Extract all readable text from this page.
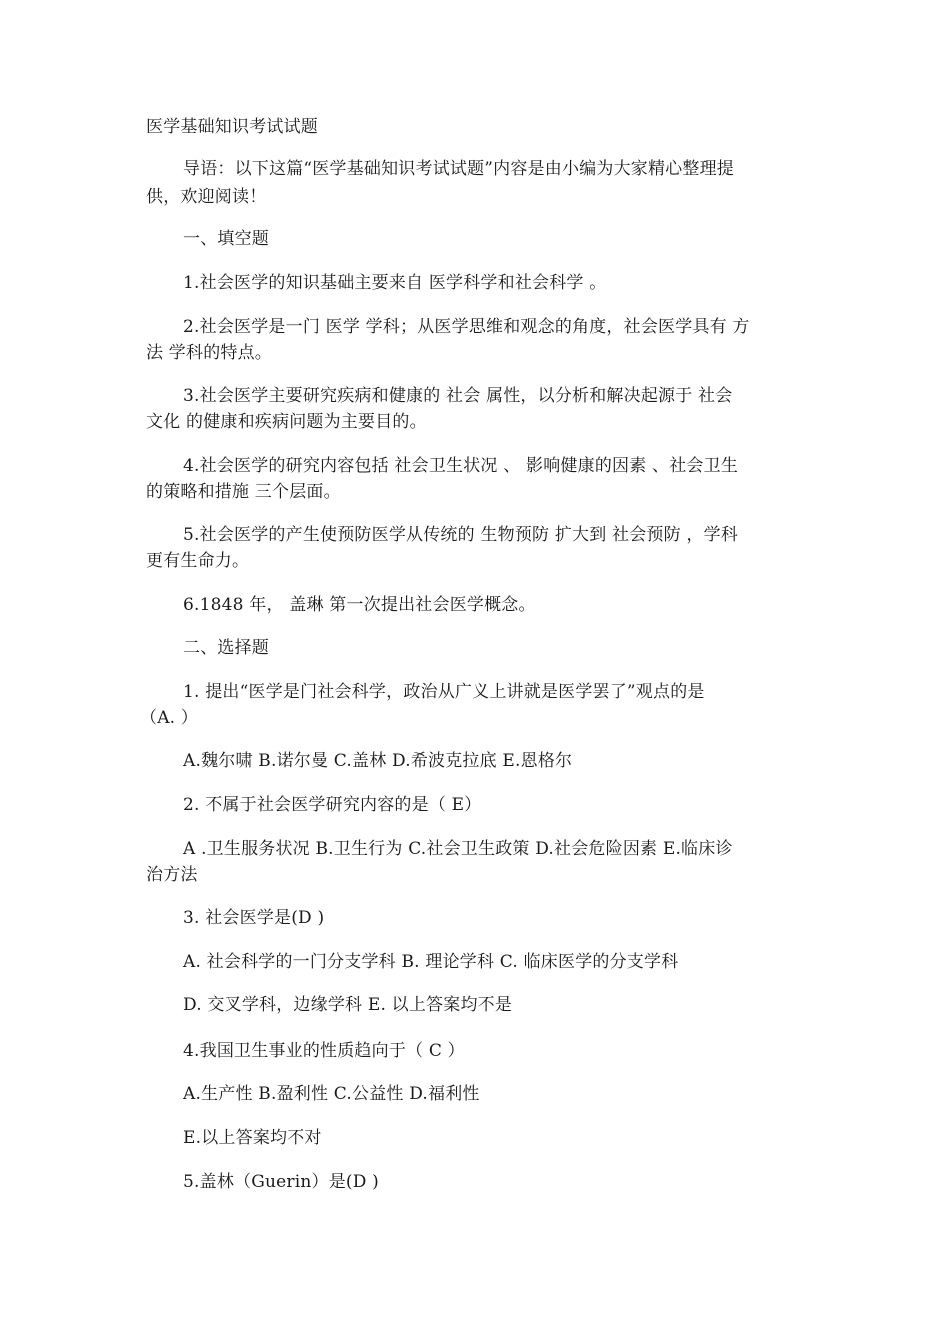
医学基础知识考试试题
导语：以下这篇“医学基础知识考试试题”内容是由小编为大家精心整理提
供，欢迎阅读！
一、填空题
1.社会医学的知识基础主要来自 医学科学和社会科学 。
2.社会医学是一门 医学 学科；从医学思维和观念的角度，社会医学具有 方
法 学科的特点。
3.社会医学主要研究疾病和健康的 社会 属性，以分析和解决起源于 社会
文化 的健康和疾病问题为主要目的。
4.社会医学的研究内容包括 社会卫生状况 、 影响健康的因素 、社会卫生
的策略和措施 三个层面。
5.社会医学的产生使预防医学从传统的 生物预防 扩大到 社会预防 ，学科
更有生命力。
6.1848 年， 盖琳 第一次提出社会医学概念。
二、选择题
1. 提出“医学是门社会科学，政治从广义上讲就是医学罢了”观点的是
（A. ）
A.魏尔啸 B.诺尔曼 C.盖林 D.希波克拉底 E.恩格尔
2. 不属于社会医学研究内容的是（ E）
A .卫生服务状况 B.卫生行为 C.社会卫生政策 D.社会危险因素 E.临床诊
治方法
3. 社会医学是(D )
A. 社会科学的一门分支学科 B. 理论学科 C. 临床医学的分支学科
D. 交叉学科，边缘学科 E. 以上答案均不是
4.我国卫生事业的性质趋向于（ C ）
A.生产性 B.盈利性 C.公益性 D.福利性
E.以上答案均不对
5.盖林（Guerin）是(D )
